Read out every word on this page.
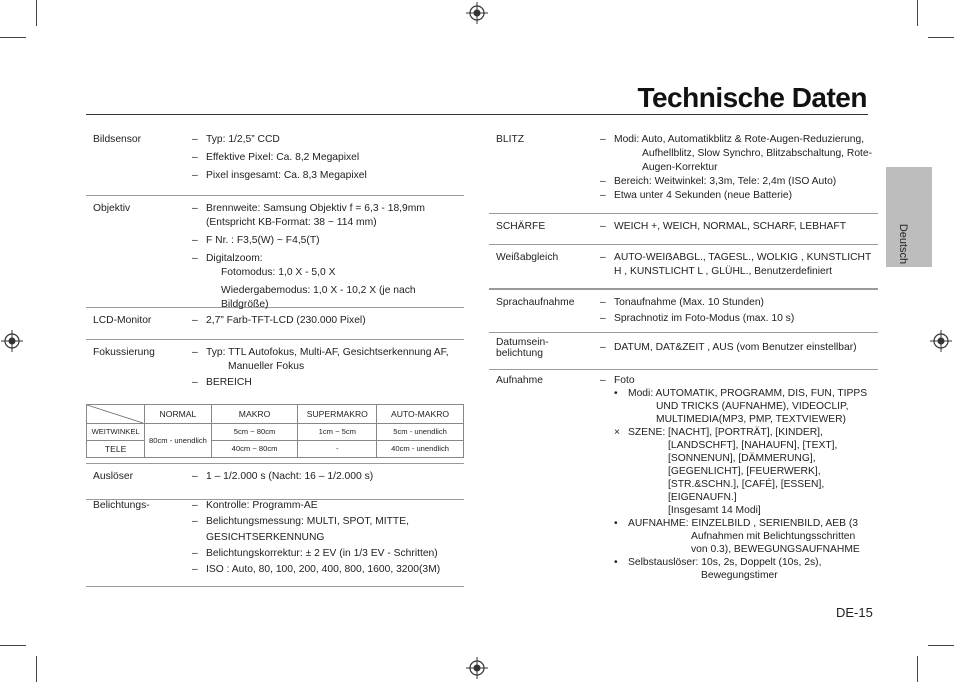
Technische Daten
Deutsch
Bildsensor	– Typ: 1/2,5” CCD
– Effektive Pixel: Ca. 8,2 Megapixel
– Pixel insgesamt: Ca. 8,3 Megapixel
Objektiv	– Brennweite: Samsung Objektiv f = 6,3 - 18,9mm
(Entspricht KB-Format: 38 ~ 114 mm)
– F Nr. : F3,5(W) ~ F4,5(T)
– Digitalzoom:
Fotomodus: 1,0 X - 5,0 X
Wiedergabemodus: 1,0 X - 10,2 X (je nach Bildgröße)
LCD-Monitor	– 2,7” Farb-TFT-LCD (230.000 Pixel)
Fokussierung	– Typ: TTL Autofokus, Multi-AF, Gesichtserkennung AF,
Manueller Fokus
– BEREICH
	NORMAL	MAKRO	SUPERMAKRO	AUTO-MAKRO
WEITWINKEL	80cm - unendlich	5cm ~ 80cm	1cm ~ 5cm	5cm - unendlich
TELE		40cm ~ 80cm	-	40cm - unendlich
Auslöser	– 1 – 1/2.000 s (Nacht: 16 – 1/2.000 s)
Belichtungs-	– Kontrolle: Programm-AE
– Belichtungsmessung: MULTI, SPOT, MITTE,
GESICHTSERKENNUNG
– Belichtungskorrektur: ± 2 EV (in 1/3 EV - Schritten)
– ISO : Auto, 80, 100, 200, 400, 800, 1600, 3200(3M)
BLITZ	– Modi: Auto, Automatikblitz & Rote-Augen-Reduzierung,
Aufhellblitz, Slow Synchro, Blitzabschaltung, Rote-
Augen-Korrektur
– Bereich: Weitwinkel: 3,3m, Tele: 2,4m (ISO Auto)
– Etwa unter 4 Sekunden (neue Batterie)
SCHÄRFE	– WEICH +, WEICH, NORMAL, SCHARF, LEBHAFT
Weißabgleich	– AUTO-WEIẞABGL., TAGESL., WOLKIG , KUNSTLICHT
H , KUNSTLICHT L , GLÜHL., Benutzerdefiniert
Sprachaufnahme – Tonaufnahme (Max. 10 Stunden)
– Sprachnotiz im Foto-Modus (max. 10 s)
Datumsein-
belichtung
– DATUM, DAT&ZEIT , AUS (vom Benutzer einstellbar)
Aufnahme	– Foto
• Modi: AUTOMATIK, PROGRAMM, DIS, FUN, TIPPS
UND TRICKS (AUFNAHME), VIDEOCLIP,
MULTIMEDIA(MP3, PMP, TEXTVIEWER)
× SZENE: [NACHT], [PORTRÄT], [KINDER],
[LANDSCHFT], [NAHAUFN], [TEXT],
[SONNENUN], [DÄMMERUNG],
[GEGENLICHT], [FEUERWERK],
[STR.&SCHN.], [CAFÉ], [ESSEN],
[EIGENAUFN.]
[Insgesamt 14 Modi]
• AUFNAHME: EINZELBILD , SERIENBILD, AEB (3
Aufnahmen mit Belichtungsschritten
von 0.3), BEWEGUNGSAUFNAHME
• Selbstauslöser: 10s, 2s, Doppelt (10s, 2s),
Bewegungstimer
DE-15
